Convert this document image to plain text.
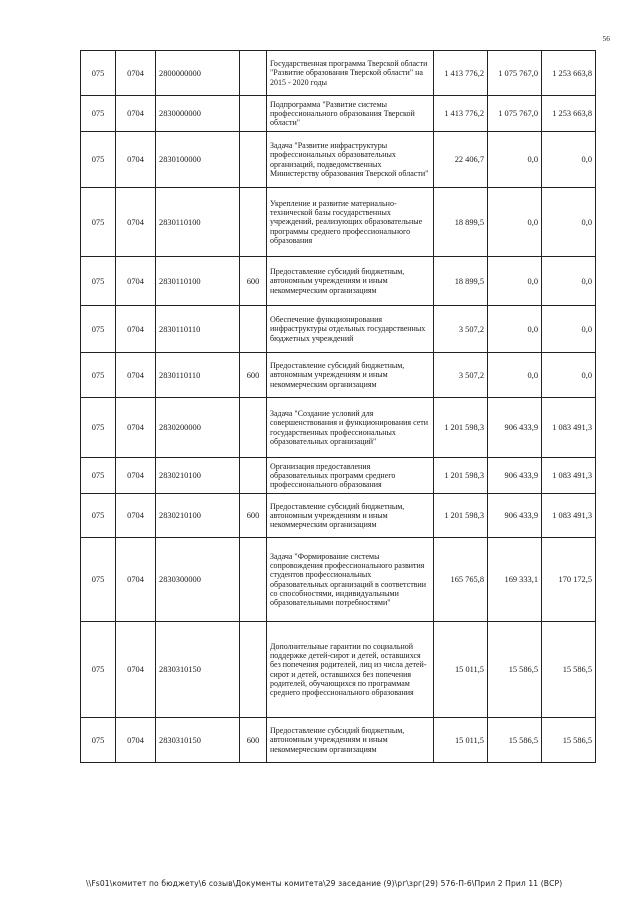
56
075	0704	2800000000		Государственная программа Тверской области "Развитие образования Тверской области" на 2015 - 2020 годы	1 413 776,2	1 075 767,0	1 253 663,8
075	0704	2830000000		Подпрограмма "Развитие системы профессионального образования Тверской области"	1 413 776,2	1 075 767,0	1 253 663,8
075	0704	2830100000		Задача "Развитие инфраструктуры профессиональных образовательных организаций, подведомственных Министерству образования Тверской области"	22 406,7	0,0	0,0
075	0704	2830110100		Укрепление и развитие материально-технической базы государственных учреждений, реализующих образовательные программы среднего профессионального образования	18 899,5	0,0	0,0
075	0704	2830110100	600	Предоставление субсидий бюджетным, автономным учреждениям и иным некоммерческим организациям	18 899,5	0,0	0,0
075	0704	2830110110		Обеспечение функционирования инфраструктуры отдельных государственных бюджетных учреждений	3 507,2	0,0	0,0
075	0704	2830110110	600	Предоставление субсидий бюджетным, автономным учреждениям и иным некоммерческим организациям	3 507,2	0,0	0,0
075	0704	2830200000		Задача "Создание условий для совершенствования и функционирования сети государственных профессиональных образовательных организаций"	1 201 598,3	906 433,9	1 083 491,3
075	0704	2830210100		Организация предоставления образовательных программ среднего профессионального образования	1 201 598,3	906 433,9	1 083 491,3
075	0704	2830210100	600	Предоставление субсидий бюджетным, автономным учреждениям и иным некоммерческим организациям	1 201 598,3	906 433,9	1 083 491,3
075	0704	2830300000		Задача "Формирование системы сопровождения профессионального развития студентов профессиональных образовательных организаций в соответствии со способностями, индивидуальными образовательными потребностями"	165 765,8	169 333,1	170 172,5
075	0704	2830310150		Дополнительные гарантии по социальной поддержке детей-сирот и детей, оставшихся без попечения родителей, лиц из числа детей-сирот и детей, оставшихся без попечения родителей, обучающихся по программам среднего профессионального образования	15 011,5	15 586,5	15 586,5
075	0704	2830310150	600	Предоставление субсидий бюджетным, автономным учреждениям и иным некоммерческим организациям	15 011,5	15 586,5	15 586,5
\\Fs01\комитет по бюджету\6 созыв\Документы комитета\29 заседание (9)\рг\зрг(29) 576-П-6\Прил 2 Прил 11 (ВСР)
